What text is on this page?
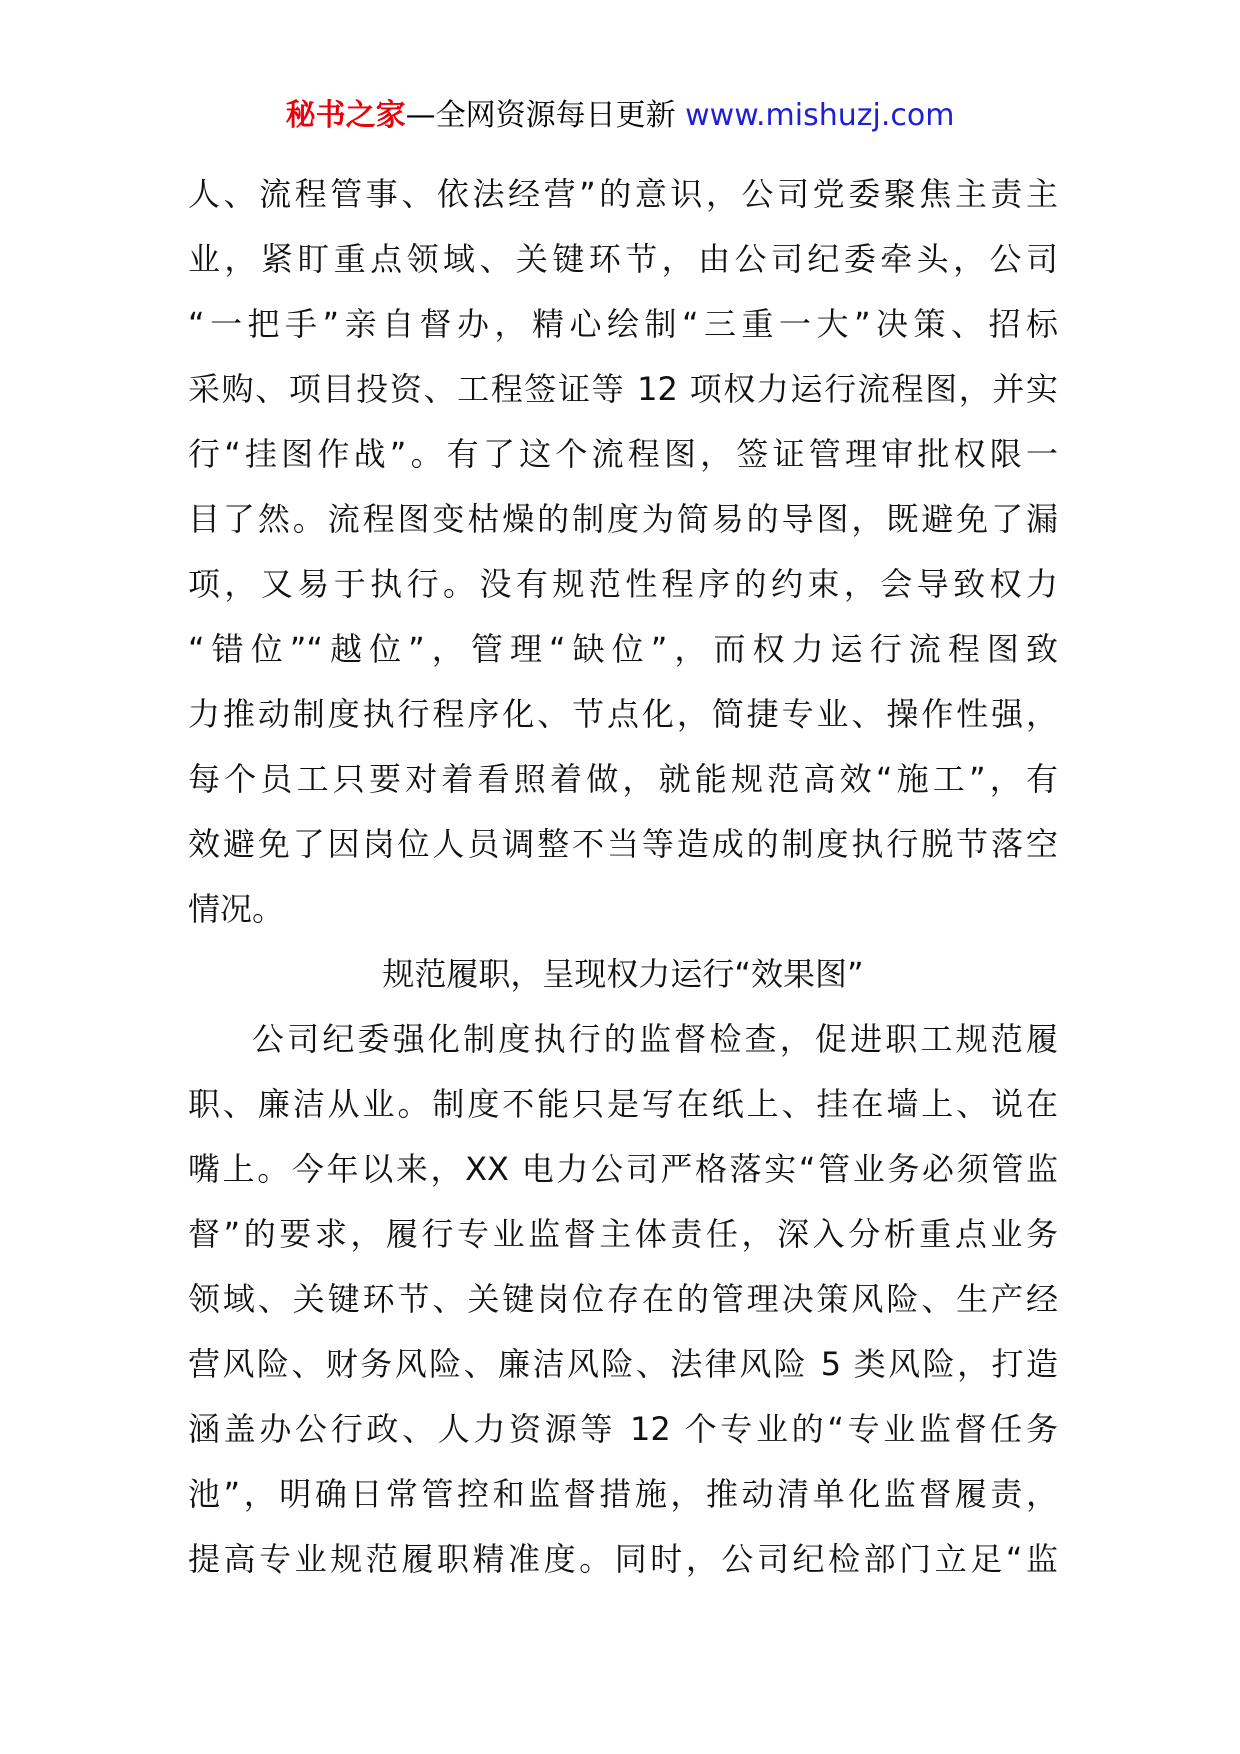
秘书之家—全网资源每日更新 www.mishuzj.com
人、流程管事、依法经营”的意识，公司党委聚焦主责主
业，紧盯重点领域、关键环节，由公司纪委牵头，公司
“一把手”亲自督办，精心绘制“三重一大”决策、招标
采购、项目投资、工程签证等 12 项权力运行流程图，并实
行“挂图作战”。有了这个流程图，签证管理审批权限一
目了然。流程图变枯燥的制度为简易的导图，既避免了漏
项，又易于执行。没有规范性程序的约束，会导致权力
“错位”“越位”，管理“缺位”，而权力运行流程图致
力推动制度执行程序化、节点化，简捷专业、操作性强，
每个员工只要对着看照着做，就能规范高效“施工”，有
效避免了因岗位人员调整不当等造成的制度执行脱节落空
情况。
规范履职，呈现权力运行“效果图”
公司纪委强化制度执行的监督检查，促进职工规范履
职、廉洁从业。制度不能只是写在纸上、挂在墙上、说在
嘴上。今年以来，XX 电力公司严格落实“管业务必须管监
督”的要求，履行专业监督主体责任，深入分析重点业务
领域、关键环节、关键岗位存在的管理决策风险、生产经
营风险、财务风险、廉洁风险、法律风险 5 类风险，打造
涵盖办公行政、人力资源等 12 个专业的“专业监督任务
池”，明确日常管控和监督措施，推动清单化监督履责，
提高专业规范履职精准度。同时，公司纪检部门立足“监
